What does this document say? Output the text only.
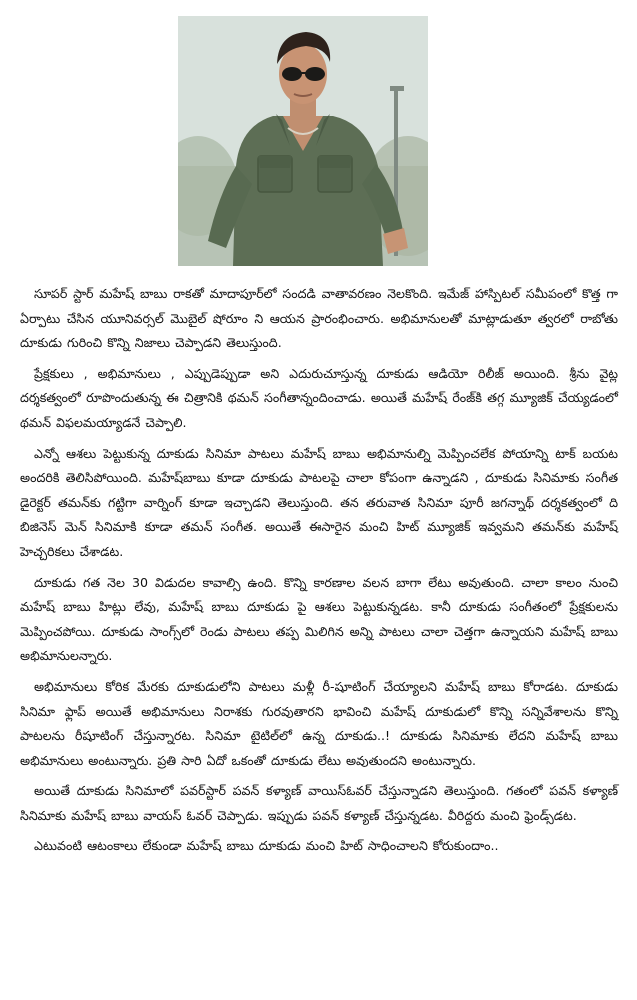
సూపర్ స్టార్ మహేష్ బాబు రాకతో మాదాపూర్‌లో సందడి వాతావరణం నెలకొంది. ఇమేజ్ హాస్పిటల్ సమీపంలో కొత్త గా ఏర్పాటు చేసిన యూనివర్సల్ మొబైల్ షోరూం ని ఆయన ప్రారంభించారు. అభిమానులతో మాట్లాడుతూ త్వరలో రాబోతు దూకుడు గురించి కొన్ని నిజాలు చెప్పాడని తెలుస్తుంది.

ప్రేక్షకులు , అభిమానులు , ఎప్పుడెప్పుడా అని ఎదురుచూస్తున్న దూకుడు ఆడియో రిలీజ్ అయింది. శ్రీను వైట్ల దర్శకత్వంలో రూపొందుతున్న ఈ చిత్రానికి థమన్ సంగీతాన్నందించాడు. అయితే మహేష్ రేంజ్‌కి తగ్గ మ్యూజిక్ చేయ్యడంలో థమన్ విఫలమయ్యాడనే చెప్పాలి.

ఎన్నో ఆశలు పెట్టుకున్న దూకుడు సినిమా పాటలు మహేష్ బాబు అభిమానుల్ని మెప్పించలేక పోయాన్ని టాక్ బయట అందరికి తెలిసిపోయింది. మహేష్‌బాబు కూడా దూకుడు పాటలపై చాలా కోపంగా ఉన్నాడని , దూకుడు సినిమాకు సంగీత డైరెక్టర్ తమన్‌కు గట్టిగా వార్నింగ్ కూడా ఇచ్చాడని తెలుస్తుంది. తన తరువాత సినిమా పూరీ జగన్నాథ్ దర్శకత్వంలో ది బిజినెస్ మెన్ సినిమాకి కూడా తమన్ సంగీత. అయితే ఈసారైన మంచి హిట్ మ్యూజిక్ ఇవ్వమని తమన్‌కు మహేష్ హెచ్చరికలు చేశాడట.

దూకుడు గత నెల 30 విడుదల కావాల్సి ఉంది. కొన్ని కారణాల వలన బాగా లేటు అవుతుంది. చాలా కాలం నుంచి మహేష్ బాబు హిట్లు లేవు, మహేష్ బాబు దూకుడు పై ఆశలు పెట్టుకున్నడట. కానీ దూకుడు సంగీతంలో ప్రేక్షకులను మెప్పించపోయి. దూకుడు సాంగ్స్‌లో రెండు పాటలు తప్ప మిలిగిన అన్ని పాటలు చాలా చెత్తగా ఉన్నాయని మహేష్ బాబు అభిమానులన్నారు.

అభిమానులు కోరిక మేరకు దూకుడులోని పాటలు మళ్లీ రీ-షూటింగ్ చేయ్యాలని మహేష్ బాబు కోరాడట. దూకుడు సినిమా ఫ్లాప్ అయితే అభిమానులు నిరాశకు గురవుతారని భావించి మహేష్ దూకుడులో కొన్ని సన్నివేశాలను కొన్ని పాటలను రీషూటింగ్ చేస్తున్నారట. సినిమా టైటిల్‌లో ఉన్న దూకుడు..! దూకుడు సినిమాకు లేదని మహేష్ బాబు అభిమానులు అంటున్నారు. ప్రతి సారి ఏదో ఒకంతో దూకుడు లేటు అవుతుందని అంటున్నారు.

అయితే దూకుడు సినిమాలో పవర్‌స్టార్ పవన్ కళ్యాణ్ వాయిస్‌ఓవర్ చేస్తున్నాడని తెలుస్తుంది. గతంలో పవన్ కళ్యాణ్ సినిమాకు మహేష్ బాబు వాయస్ ఓవర్ చెప్పాడు. ఇప్పుడు పవన్ కళ్యాణ్ చేస్తున్నడట. వీరిద్దరు మంచి ఫ్రెండ్స్‌డట.

ఎటువంటి ఆటంకాలు లేకుండా మహేష్ బాబు దూకుడు మంచి హిట్ సాధించాలని కోరుకుందాం..
